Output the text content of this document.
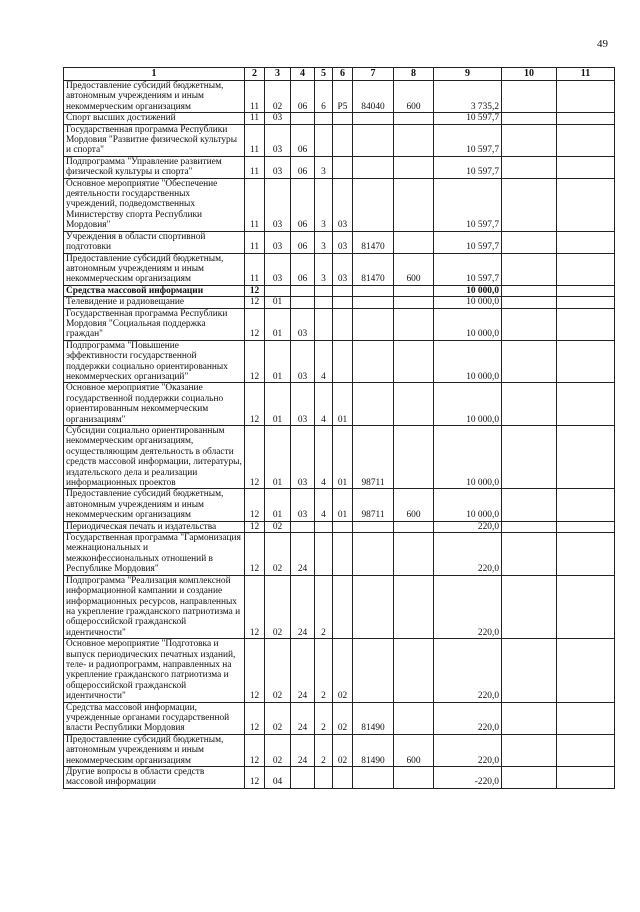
49
1	2	3	4	5	6	7	8	9	10	11
Предоставление субсидий бюджетным, автономным учреждениям и иным некоммерческим организациям	11	02	06	6	Р5	84040	600	3 735,2		
Спорт высших достижений	11	03						10 597,7		
Государственная программа Республики Мордовия "Развитие физической культуры и спорта"	11	03	06					10 597,7		
Подпрограмма "Управление развитием физической культуры и спорта"	11	03	06	3				10 597,7		
Основное мероприятие "Обеспечение деятельности государственных учреждений, подведомственных Министерству спорта Республики Мордовия"	11	03	06	3	03			10 597,7		
Учреждения в области спортивной подготовки	11	03	06	3	03	81470		10 597,7		
Предоставление субсидий бюджетным, автономным учреждениям и иным некоммерческим организациям	11	03	06	3	03	81470	600	10 597,7		
Средства массовой информации	12							10 000,0		
Телевидение и радиовещание	12	01						10 000,0		
Государственная программа Республики Мордовия "Социальная поддержка граждан"	12	01	03					10 000,0		
Подпрограмма "Повышение эффективности государственной поддержки социально ориентированных некоммерческих организаций"	12	01	03	4				10 000,0		
Основное мероприятие "Оказание государственной поддержки социально ориентированным некоммерческим организациям"	12	01	03	4	01			10 000,0		
Субсидии социально ориентированным некоммерческим организациям, осуществляющим деятельность в области средств массовой информации, литературы, издательского дела и реализации информационных проектов	12	01	03	4	01	98711		10 000,0		
Предоставление субсидий бюджетным, автономным учреждениям и иным некоммерческим организациям	12	01	03	4	01	98711	600	10 000,0		
Периодическая печать и издательства	12	02						220,0		
Государственная программа "Гармонизация межнациональных и межконфессиональных отношений в Республике Мордовия"	12	02	24					220,0		
Подпрограмма "Реализация комплексной информационной кампании и создание информационных ресурсов, направленных на укрепление гражданского патриотизма и общероссийской гражданской идентичности"	12	02	24	2				220,0		
Основное мероприятие "Подготовка и выпуск периодических печатных изданий, теле- и радиопрограмм, направленных на укрепление гражданского патриотизма и общероссийской гражданской идентичности"	12	02	24	2	02			220,0		
Средства массовой информации, учрежденные органами государственной власти Республики Мордовия	12	02	24	2	02	81490		220,0		
Предоставление субсидий бюджетным, автономным учреждениям и иным некоммерческим организациям	12	02	24	2	02	81490	600	220,0		
Другие вопросы в области средств массовой информации	12	04						-220,0		
